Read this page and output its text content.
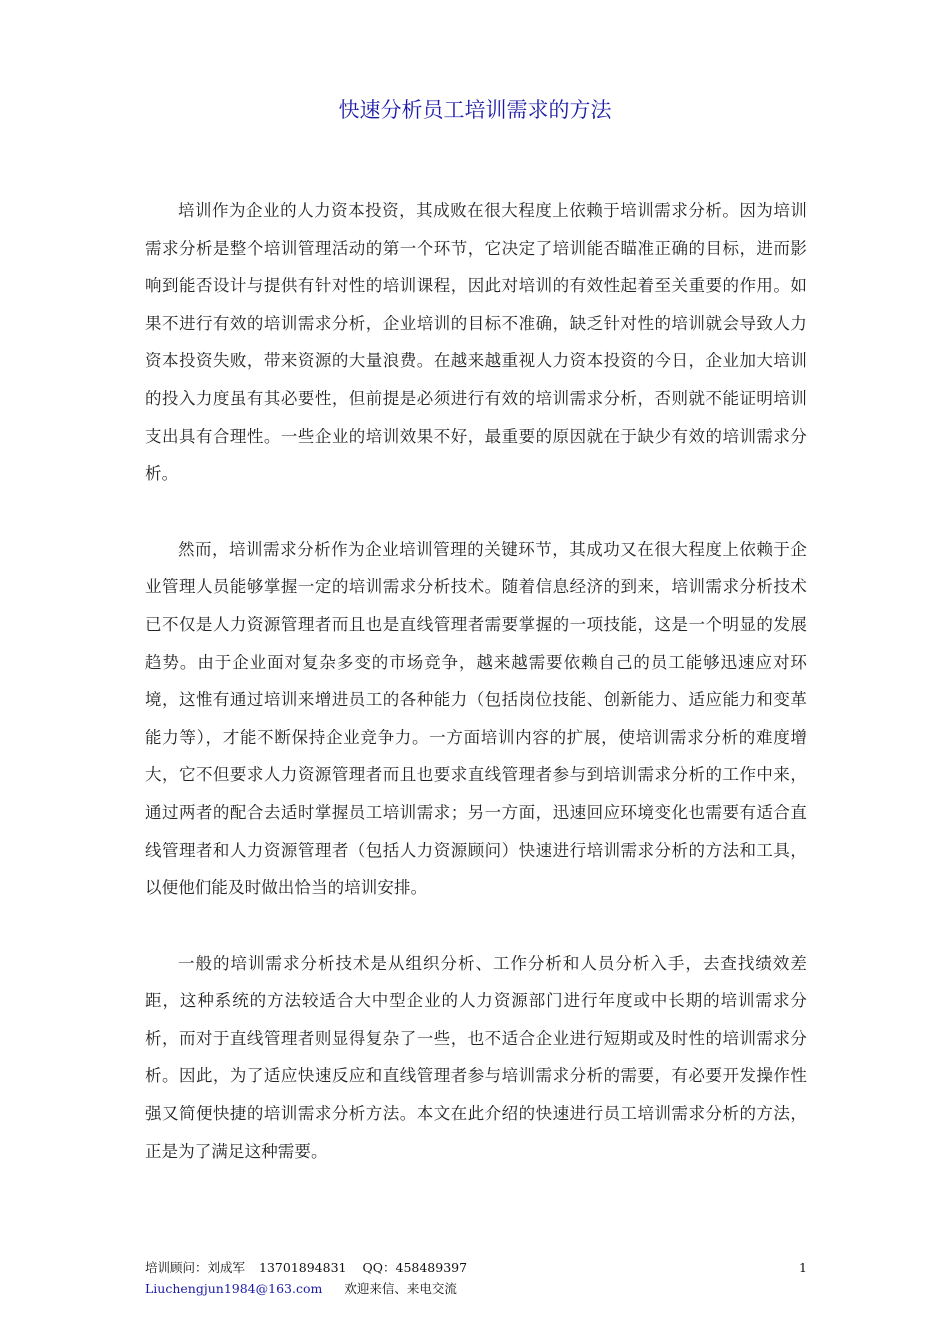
快速分析员工培训需求的方法

培训作为企业的人力资本投资，其成败在很大程度上依赖于培训需求分析。因为培训需求分析是整个培训管理活动的第一个环节，它决定了培训能否瞄准正确的目标，进而影响到能否设计与提供有针对性的培训课程，因此对培训的有效性起着至关重要的作用。如果不进行有效的培训需求分析，企业培训的目标不准确，缺乏针对性的培训就会导致人力资本投资失败，带来资源的大量浪费。在越来越重视人力资本投资的今日，企业加大培训的投入力度虽有其必要性，但前提是必须进行有效的培训需求分析，否则就不能证明培训支出具有合理性。一些企业的培训效果不好，最重要的原因就在于缺少有效的培训需求分析。

然而，培训需求分析作为企业培训管理的关键环节，其成功又在很大程度上依赖于企业管理人员能够掌握一定的培训需求分析技术。随着信息经济的到来，培训需求分析技术已不仅是人力资源管理者而且也是直线管理者需要掌握的一项技能，这是一个明显的发展趋势。由于企业面对复杂多变的市场竞争，越来越需要依赖自己的员工能够迅速应对环境，这惟有通过培训来增进员工的各种能力（包括岗位技能、创新能力、适应能力和变革能力等），才能不断保持企业竞争力。一方面培训内容的扩展，使培训需求分析的难度增大，它不但要求人力资源管理者而且也要求直线管理者参与到培训需求分析的工作中来，通过两者的配合去适时掌握员工培训需求；另一方面，迅速回应环境变化也需要有适合直线管理者和人力资源管理者（包括人力资源顾问）快速进行培训需求分析的方法和工具，以便他们能及时做出恰当的培训安排。

一般的培训需求分析技术是从组织分析、工作分析和人员分析入手，去查找绩效差距，这种系统的方法较适合大中型企业的人力资源部门进行年度或中长期的培训需求分析，而对于直线管理者则显得复杂了一些，也不适合企业进行短期或及时性的培训需求分析。因此，为了适应快速反应和直线管理者参与培训需求分析的需要，有必要开发操作性强又简便快捷的培训需求分析方法。本文在此介绍的快速进行员工培训需求分析的方法，正是为了满足这种需要。

培训顾问：刘成军 13701894831 QQ：458489397
Liuchengjun1984@163.com 欢迎来信、来电交流
1
